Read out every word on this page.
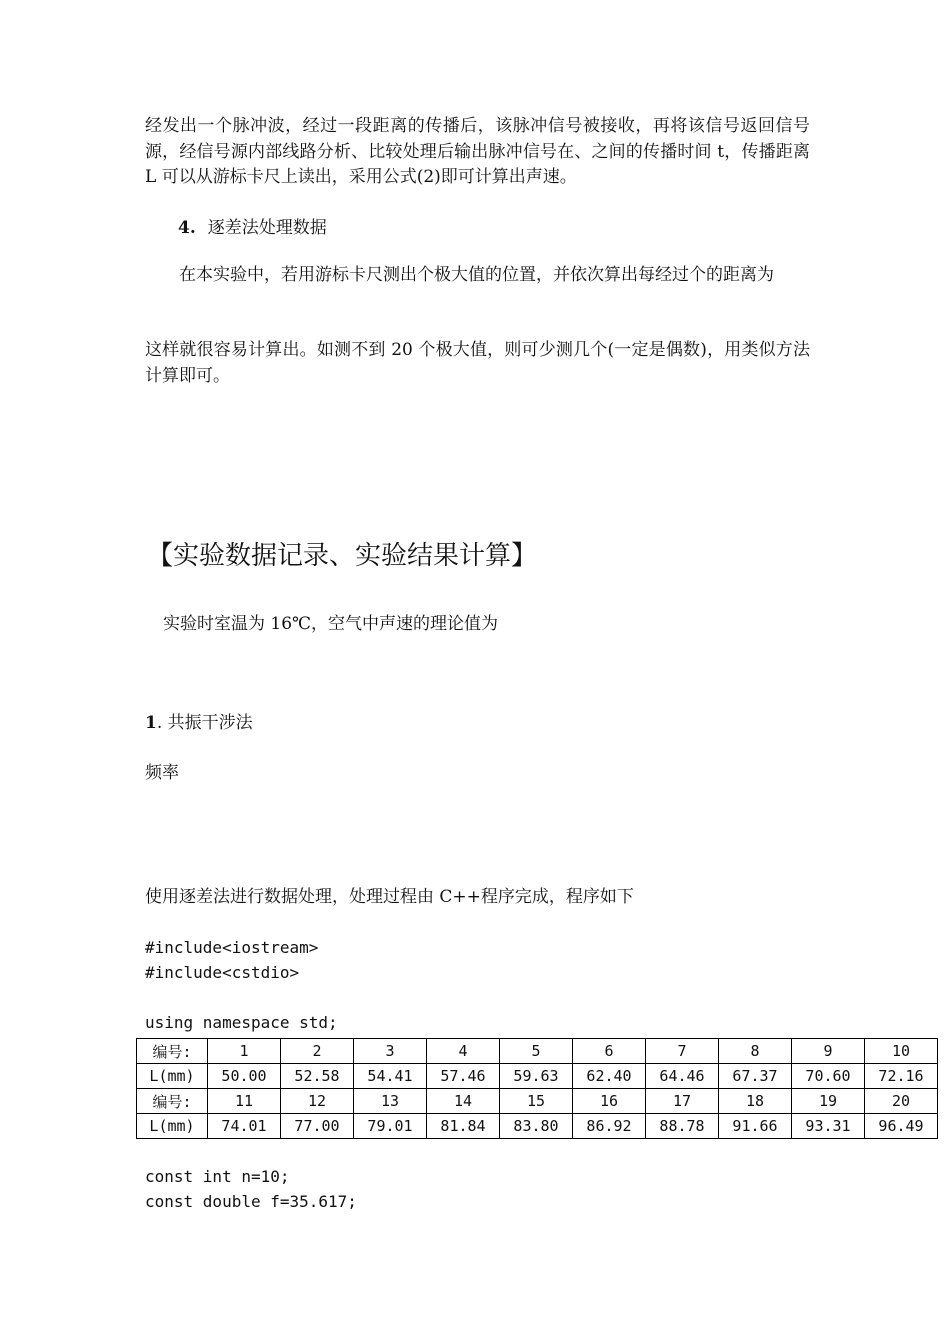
经发出一个脉冲波，经过一段距离的传播后，该脉冲信号被接收，再将该信号返回信号源，经信号源内部线路分析、比较处理后输出脉冲信号在、之间的传播时间 t，传播距离 L 可以从游标卡尺上读出，采用公式(2)即可计算出声速。

4. 逐差法处理数据

在本实验中，若用游标卡尺测出个极大值的位置，并依次算出每经过个的距离为

这样就很容易计算出。如测不到 20 个极大值，则可少测几个(一定是偶数)，用类似方法计算即可。

【实验数据记录、实验结果计算】

实验时室温为 16℃，空气中声速的理论值为

1. 共振干涉法

频率

使用逐差法进行数据处理，处理过程由 C++程序完成，程序如下

#include<iostream>
#include<cstdio>
using namespace std;
编号:	1	2	3	4	5	6	7	8	9	10
L(mm)	50.00	52.58	54.41	57.46	59.63	62.40	64.46	67.37	70.60	72.16
编号:	11	12	13	14	15	16	17	18	19	20
L(mm)	74.01	77.00	79.01	81.84	83.80	86.92	88.78	91.66	93.31	96.49
const int n=10;
const double f=35.617;
